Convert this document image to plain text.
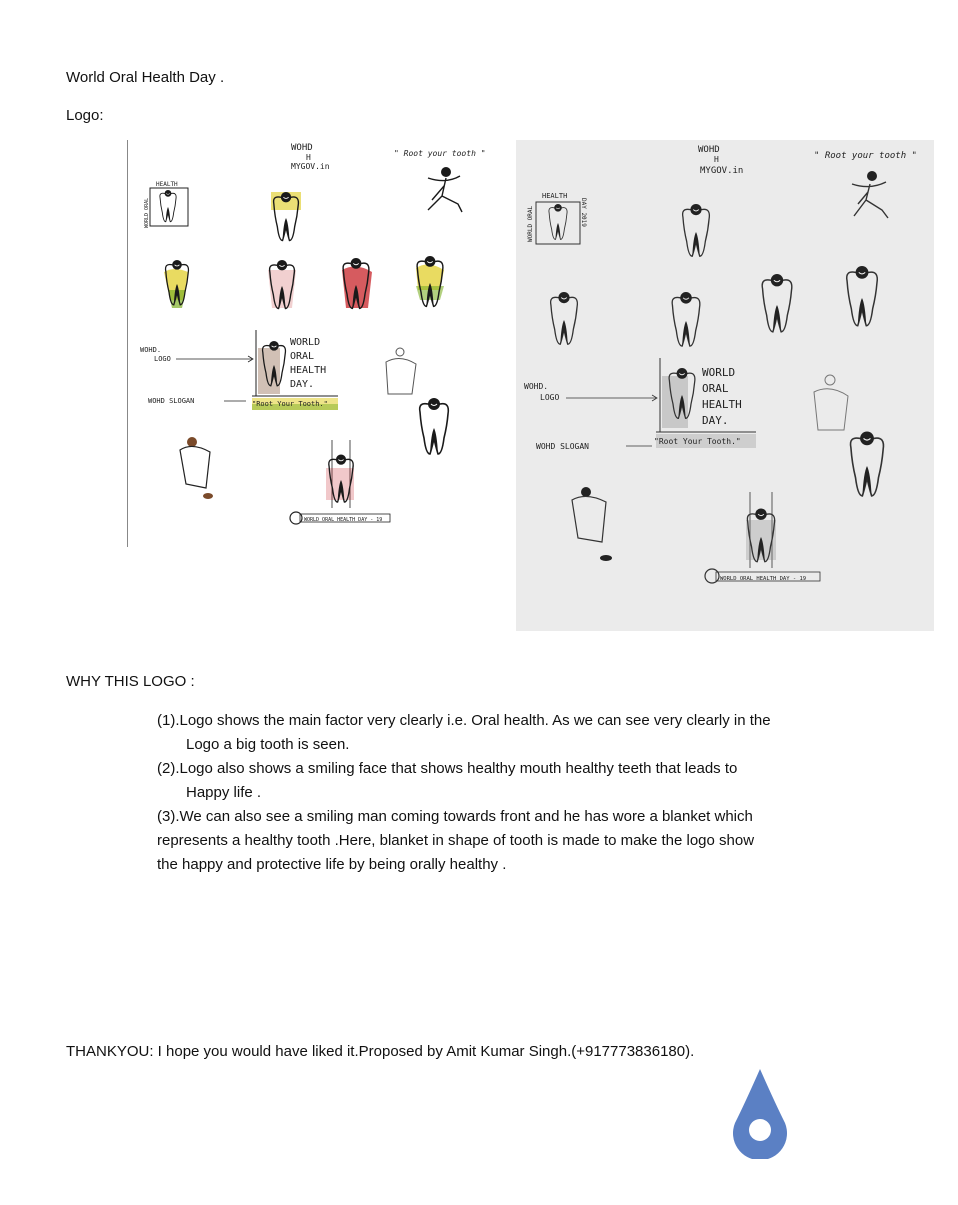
World Oral Health Day .
Logo:
HEALTH
WORLD ORAL
WOHD
H
MYGOV.in
" Root your tooth "
WORLD
ORAL
HEALTH
DAY.
"Root Your Tooth."
WOHD.
LOGO
WOHD SLOGAN
WORLD ORAL HEALTH DAY - 19
HEALTH
WORLD ORAL	DAY 2019
WOHD
H
MYGOV.in
" Root your tooth "
WORLD
ORAL
HEALTH
DAY.
"Root Your Tooth."
WOHD.
LOGO
WOHD SLOGAN
WORLD ORAL HEALTH DAY - 19
WHY THIS LOGO :

(1).Logo shows the main factor very clearly i.e. Oral health. As we can see very clearly in the

Logo a big tooth is seen.

(2).Logo also shows a smiling face that shows healthy mouth healthy teeth that leads to

Happy life .

(3).We can also see a smiling man coming towards front and he has wore a blanket which

represents a healthy tooth .Here, blanket in shape of tooth is made to make the logo show

the happy and protective life by being orally healthy .

THANKYOU: I hope you would have liked it.Proposed by Amit Kumar Singh.(+917773836180).
